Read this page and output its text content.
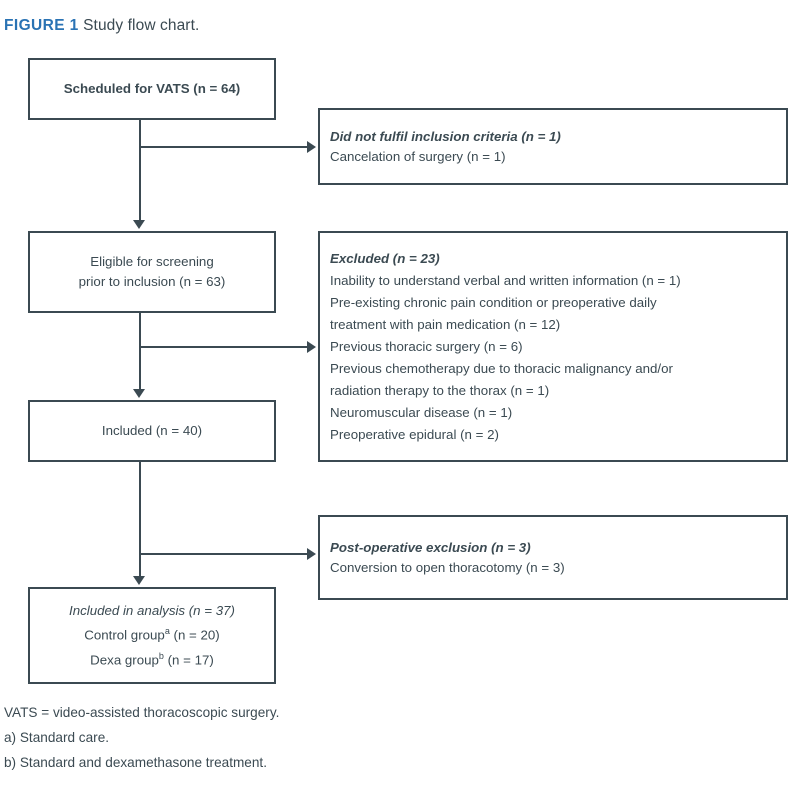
FIGURE 1 Study flow chart.
Scheduled for VATS (n = 64)
Eligible for screening
prior to inclusion (n = 63)
Included (n = 40)
Included in analysis (n = 37)
Control group$^a$ (n = 20)
Dexa group$^b$ (n = 17)
Did not fulfil inclusion criteria (n = 1)
Cancelation of surgery (n = 1)
Excluded (n = 23)
Inability to understand verbal and written information (n = 1)
Pre-existing chronic pain condition or preoperative daily
treatment with pain medication (n = 12)
Previous thoracic surgery (n = 6)
Previous chemotherapy due to thoracic malignancy and/or
radiation therapy to the thorax (n = 1)
Neuromuscular disease (n = 1)
Preoperative epidural (n = 2)
Post-operative exclusion (n = 3)
Conversion to open thoracotomy (n = 3)
VATS = video-assisted thoracoscopic surgery.
a) Standard care.
b) Standard and dexamethasone treatment.
